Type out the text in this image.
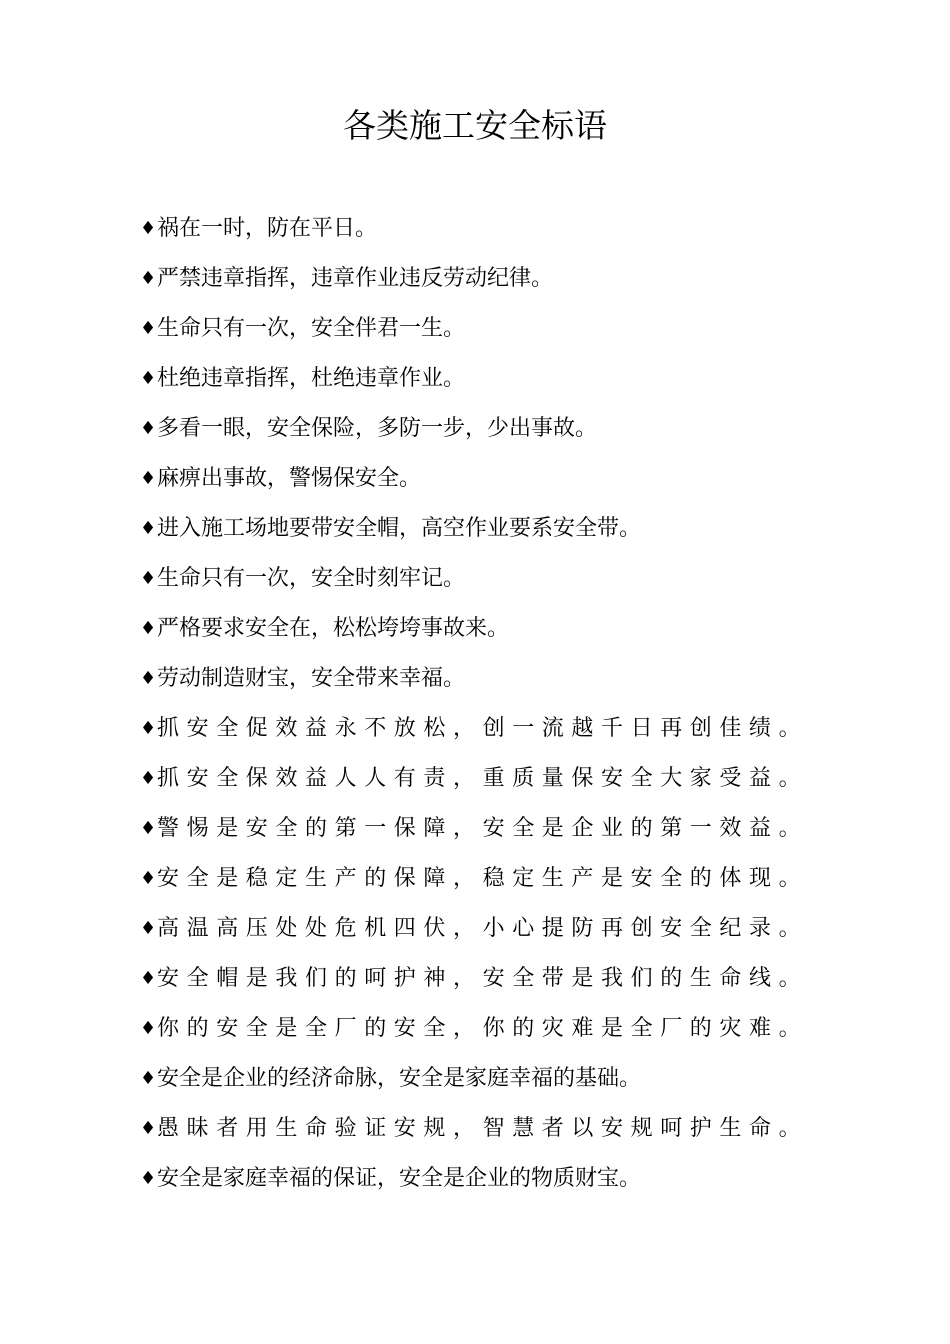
各类施工安全标语
♦ 祸在一时，防在平日。
♦ 严禁违章指挥，违章作业违反劳动纪律。
♦ 生命只有一次，安全伴君一生。
♦ 杜绝违章指挥，杜绝违章作业。
♦ 多看一眼，安全保险，多防一步，少出事故。
♦ 麻痹出事故，警惕保安全。
♦ 进入施工场地要带安全帽，高空作业要系安全带。
♦ 生命只有一次，安全时刻牢记。
♦ 严格要求安全在，松松垮垮事故来。
♦ 劳动制造财宝，安全带来幸福。
♦ 抓安全促效益永不放松，创一流越千日再创佳绩。
♦ 抓安全保效益人人有责，重质量保安全大家受益。
♦ 警惕是安全的第一保障，安全是企业的第一效益。
♦ 安全是稳定生产的保障，稳定生产是安全的体现。
♦ 高温高压处处危机四伏，小心提防再创安全纪录。
♦ 安全帽是我们的呵护神，安全带是我们的生命线。
♦ 你的安全是全厂的安全，你的灾难是全厂的灾难。
♦ 安全是企业的经济命脉，安全是家庭幸福的基础。
♦ 愚昧者用生命验证安规，智慧者以安规呵护生命。
♦ 安全是家庭幸福的保证，安全是企业的物质财宝。
